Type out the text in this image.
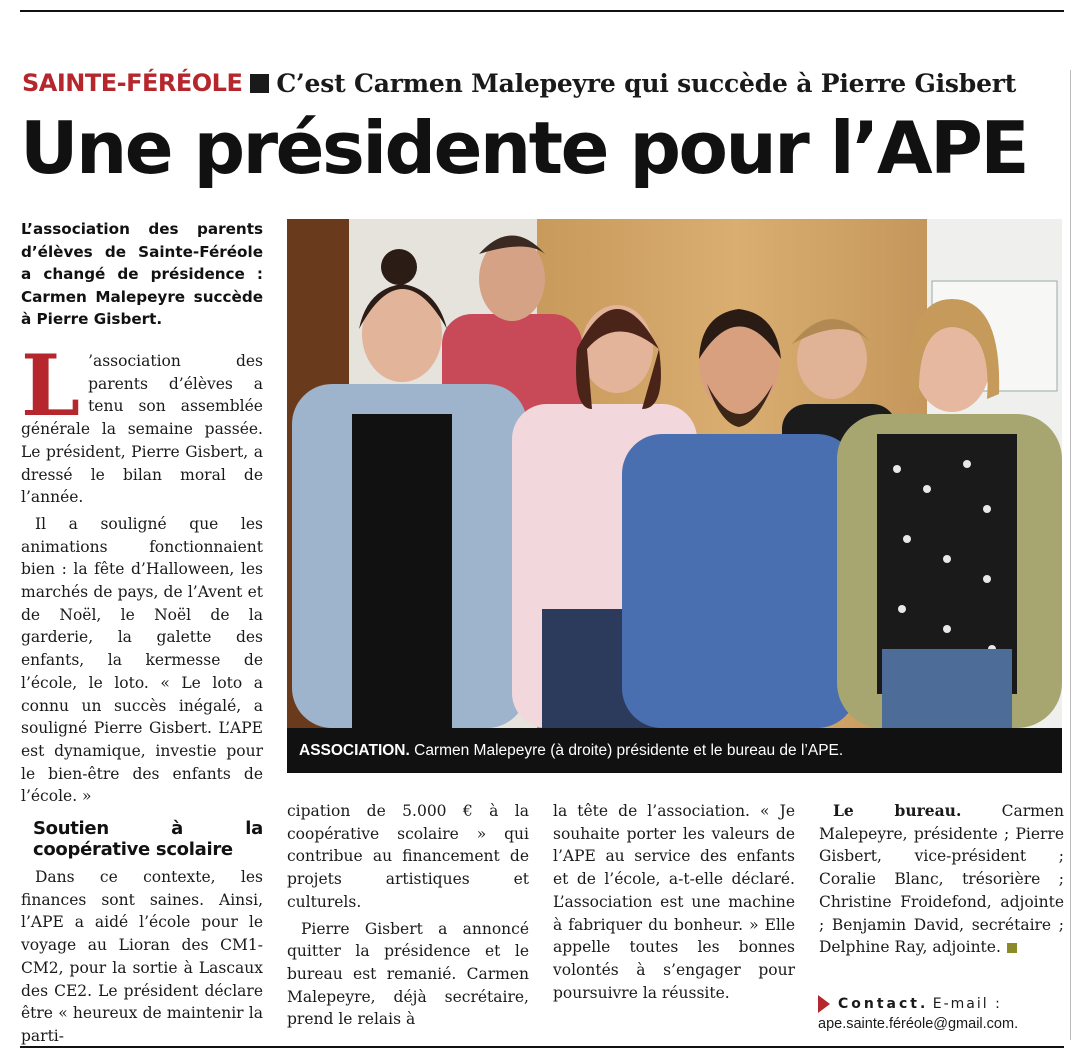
SAINTE-FÉRÉOLE C’est Carmen Malepeyre qui succède à Pierre Gisbert
Une présidente pour l’APE

L’association des parents d’élèves de Sainte-Féréole a changé de présidence : Carmen Malepeyre succède à Pierre Gisbert.

L ’association des parents d’élèves a tenu son assemblée générale la semaine passée. Le président, Pierre Gisbert, a dressé le bilan moral de l’année.

Il a souligné que les animations fonctionnaient bien : la fête d’Halloween, les marchés de pays, de l’Avent et de Noël, le Noël de la garderie, la galette des enfants, la kermesse de l’école, le loto. « Le loto a connu un succès inégalé, a souligné Pierre Gisbert. L’APE est dynamique, investie pour le bien-être des enfants de l’école. »

Soutien à la coopérative scolaire

Dans ce contexte, les finances sont saines. Ainsi, l’APE a aidé l’école pour le voyage au Lioran des CM1-CM2, pour la sortie à Lascaux des CE2. Le président déclare être « heureux de maintenir la parti-

cipation de 5.000 € à la coopérative scolaire » qui contribue au financement de projets artistiques et culturels.

Pierre Gisbert a annoncé quitter la présidence et le bureau est remanié. Carmen Malepeyre, déjà secrétaire, prend le relais à

la tête de l’association. « Je souhaite porter les valeurs de l’APE au service des enfants et de l’école, a-t-elle déclaré. L’association est une machine à fabriquer du bonheur. » Elle appelle toutes les bonnes volontés à s’engager pour poursuivre la réussite.

Le bureau. Carmen Malepeyre, présidente ; Pierre Gisbert, vice-président ; Coralie Blanc, trésorière ; Christine Froidefond, adjointe ; Benjamin David, secrétaire ; Delphine Ray, adjointe.

Contact. E-mail :
ape.sainte.féréole@gmail.com.
ASSOCIATION. Carmen Malepeyre (à droite) présidente et le bureau de l’APE.
